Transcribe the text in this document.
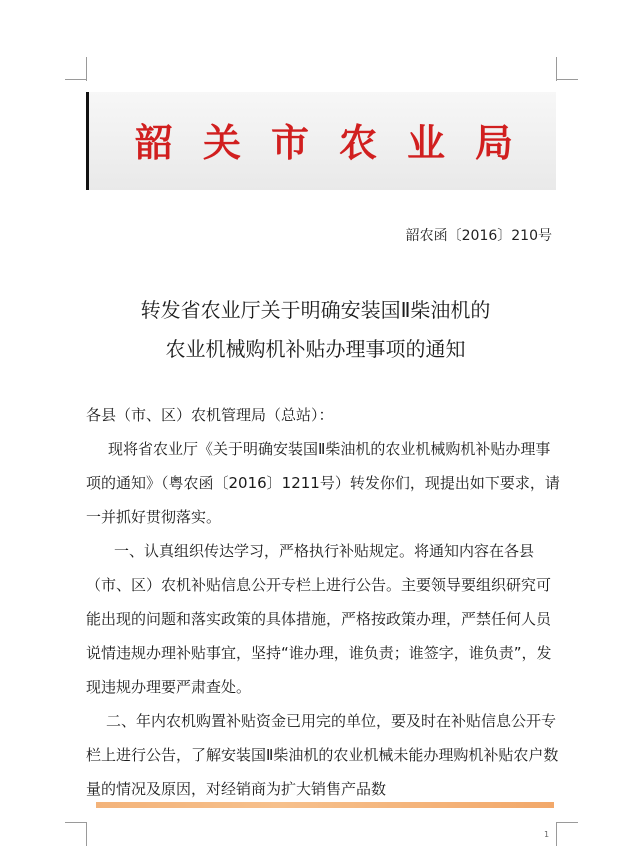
韶关市农业局
韶农函〔2016〕210号
转发省农业厅关于明确安装国Ⅱ柴油机的
农业机械购机补贴办理事项的通知
各县（市、区）农机管理局（总站）：
现将省农业厅《关于明确安装国Ⅱ柴油机的农业机械购机补贴办理事项的通知》（粤农函〔2016〕1211号）转发你们，现提出如下要求，请一并抓好贯彻落实。
一、认真组织传达学习，严格执行补贴规定。将通知内容在各县（市、区）农机补贴信息公开专栏上进行公告。主要领导要组织研究可能出现的问题和落实政策的具体措施，严格按政策办理，严禁任何人员说情违规办理补贴事宜，坚持“谁办理，谁负责；谁签字，谁负责”，发现违规办理要严肃查处。
二、年内农机购置补贴资金已用完的单位，要及时在补贴信息公开专栏上进行公告，了解安装国Ⅱ柴油机的农业机械未能办理购机补贴农户数量的情况及原因，对经销商为扩大销售产品数
1
